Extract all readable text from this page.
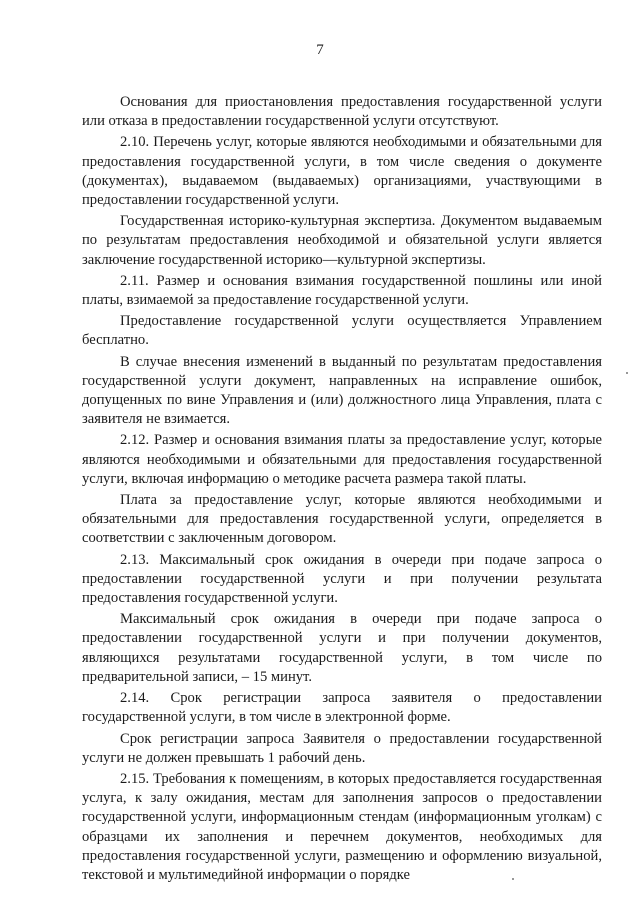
7

Основания для приостановления предоставления государственной услуги или отказа в предоставлении государственной услуги отсутствуют.

2.10. Перечень услуг, которые являются необходимыми и обязательными для предоставления государственной услуги, в том числе сведения о документе (документах), выдаваемом (выдаваемых) организациями, участвующими в предоставлении государственной услуги.

Государственная историко-культурная экспертиза. Документом выдаваемым по результатам предоставления необходимой и обязательной услуги является заключение государственной историко—культурной экспертизы.

2.11. Размер и основания взимания государственной пошлины или иной платы, взимаемой за предоставление государственной услуги.

Предоставление государственной услуги осуществляется Управлением бесплатно.

В случае внесения изменений в выданный по результатам предоставления государственной услуги документ, направленных на исправление ошибок, допущенных по вине Управления и (или) должностного лица Управления, плата с заявителя не взимается.

2.12. Размер и основания взимания платы за предоставление услуг, которые являются необходимыми и обязательными для предоставления государственной услуги, включая информацию о методике расчета размера такой платы.

Плата за предоставление услуг, которые являются необходимыми и обязательными для предоставления государственной услуги, определяется в соответствии с заключенным договором.

2.13. Максимальный срок ожидания в очереди при подаче запроса о предоставлении государственной услуги и при получении результата предоставления государственной услуги.

Максимальный срок ожидания в очереди при подаче запроса о предоставлении государственной услуги и при получении документов, являющихся результатами государственной услуги, в том числе по предварительной записи, – 15 минут.

2.14. Срок регистрации запроса заявителя о предоставлении государственной услуги, в том числе в электронной форме.

Срок регистрации запроса Заявителя о предоставлении государственной услуги не должен превышать 1 рабочий день.

2.15. Требования к помещениям, в которых предоставляется государственная услуга, к залу ожидания, местам для заполнения запросов о предоставлении государственной услуги, информационным стендам (информационным уголкам) с образцами их заполнения и перечнем документов, необходимых для предоставления государственной услуги, размещению и оформлению визуальной, текстовой и мультимедийной информации о порядке
